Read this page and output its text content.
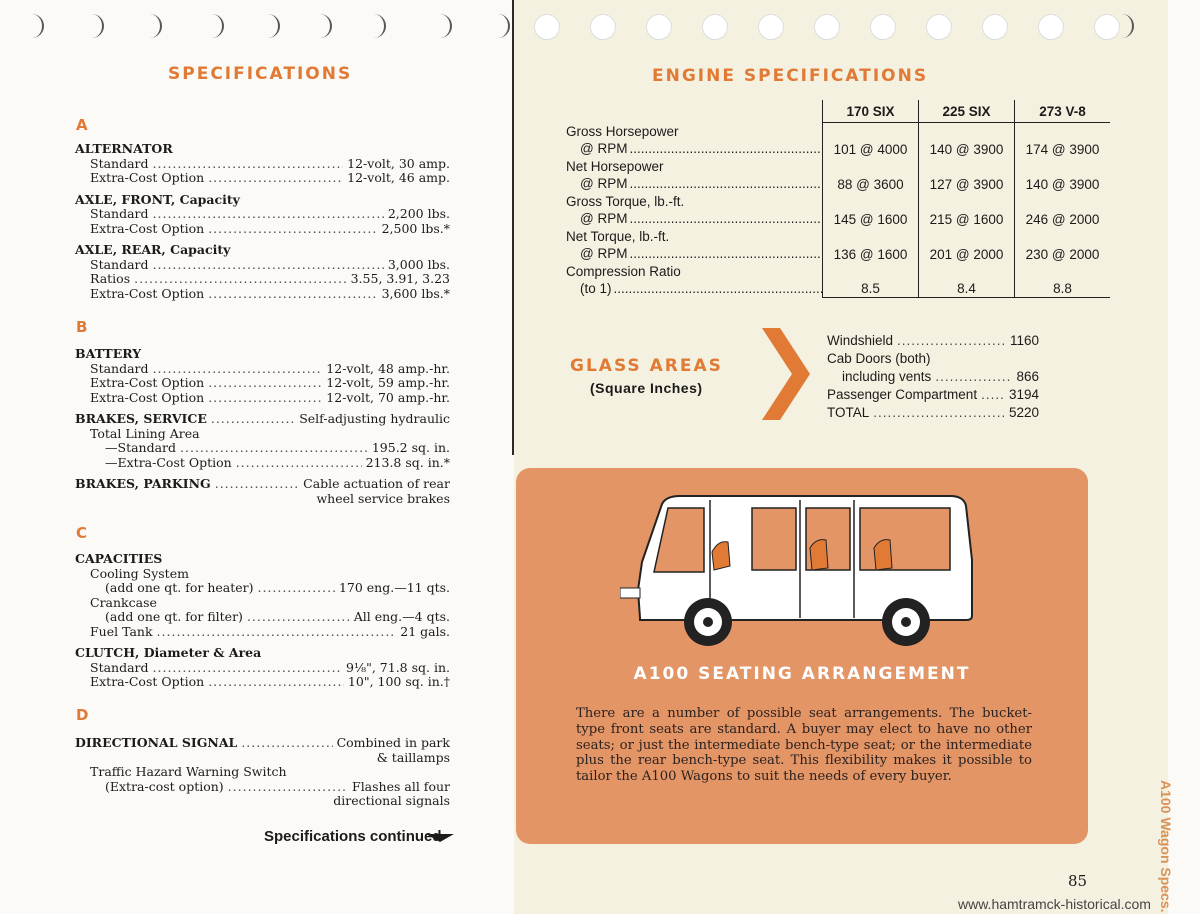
SPECIFICATIONS
A
ALTERNATOR
Standard .....	12-volt, 30 amp.
Extra-Cost Option .....	12-volt, 46 amp.
AXLE, FRONT, Capacity
Standard .....	2,200 lbs.
Extra-Cost Option .....	2,500 lbs.*
AXLE, REAR, Capacity
Standard .....	3,000 lbs.
Ratios .....	3.55, 3.91, 3.23
Extra-Cost Option .....	3,600 lbs.*
B
BATTERY
Standard .....	12-volt, 48 amp.-hr.
Extra-Cost Option .....	12-volt, 59 amp.-hr.
Extra-Cost Option .....	12-volt, 70 amp.-hr.
BRAKES, SERVICE .....	Self-adjusting hydraulic
Total Lining Area
—Standard .....	195.2 sq. in.
—Extra-Cost Option .....	213.8 sq. in.*
BRAKES, PARKING .....	Cable actuation of rear
wheel service brakes
C
CAPACITIES
Cooling System
(add one qt. for heater) .....	170 eng.—11 qts.
Crankcase
(add one qt. for filter) .....	All eng.—4 qts.
Fuel Tank .....	21 gals.
CLUTCH, Diameter & Area
Standard .....	9⅛", 71.8 sq. in.
Extra-Cost Option .....	10", 100 sq. in.†
D
DIRECTIONAL SIGNAL .....	Combined in park
& taillamps
Traffic Hazard Warning Switch
(Extra-cost option) .....	Flashes all four
directional signals
Specifications continued
ENGINE SPECIFICATIONS
	170 SIX	225 SIX	273 V-8

Gross Horsepower
@ RPM
.....	101 @ 4000	140 @ 3900	174 @ 3900

Net Horsepower
@ RPM
.....	88 @ 3600	127 @ 3900	140 @ 3900

Gross Torque, lb.-ft.
@ RPM
.....	145 @ 1600	215 @ 1600	246 @ 2000

Net Torque, lb.-ft.
@ RPM
.....	136 @ 1600	201 @ 2000	230 @ 2000

Compression Ratio
(to 1)
.....	8.5	8.4	8.8
GLASS AREAS
(Square Inches)
Windshield .....	1160
Cab Doors (both)
including vents .....	866
Passenger Compartment ..... 3194
TOTAL .....	5220
A100 SEATING ARRANGEMENT
There are a number of possible seat arrangements. The bucket-type front seats are standard. A buyer may elect to have no other seats; or just the intermediate bench-type seat; or the intermediate plus the rear bench-type seat. This flexibility makes it possible to tailor the A100 Wagons to suit the needs of every buyer.
85	A100 Wagon Specs.
www.hamtramck-historical.com
